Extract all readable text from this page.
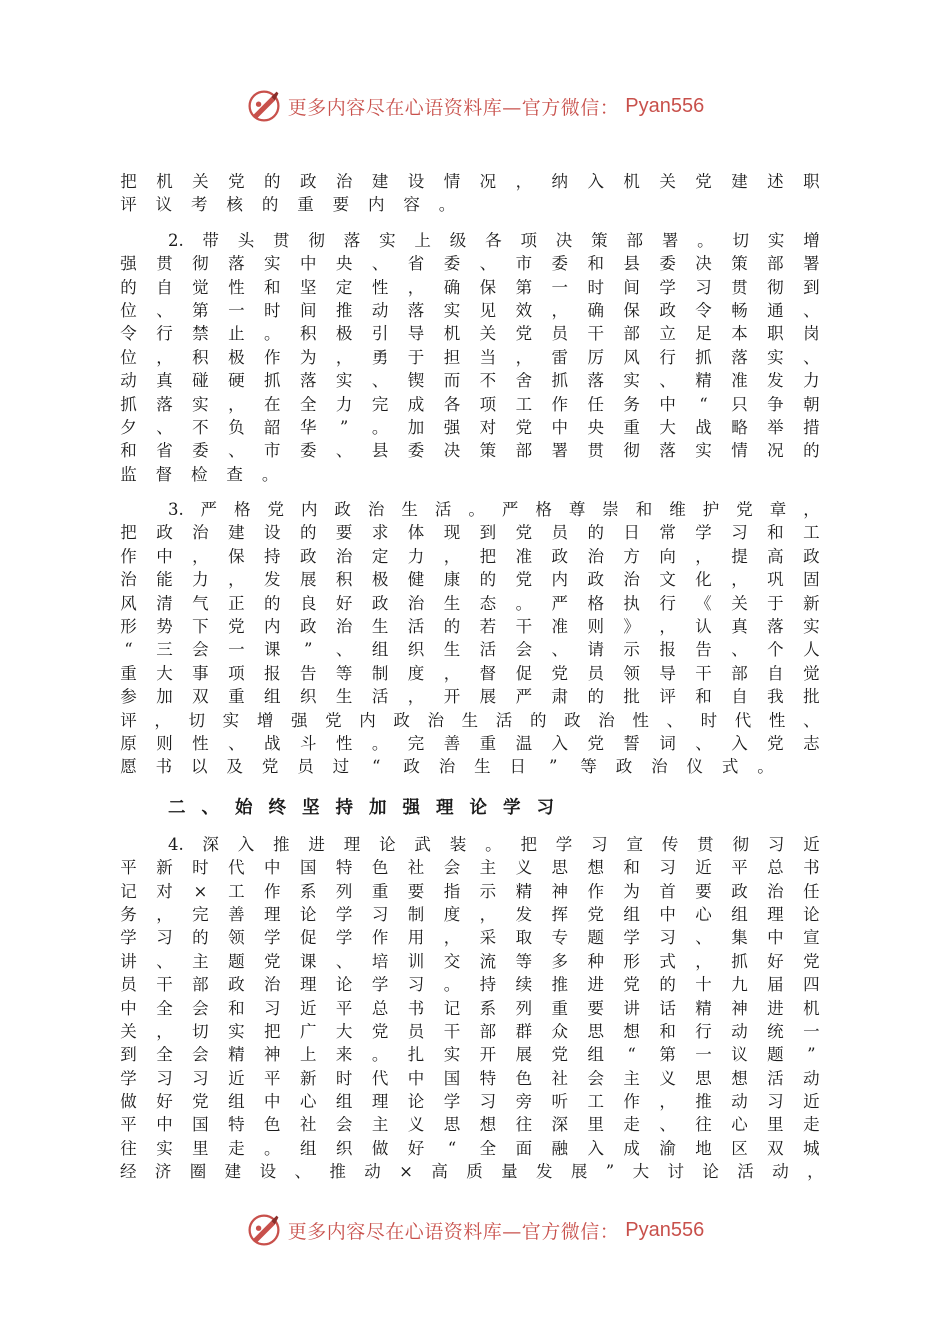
更多内容尽在心语资料库—官方微信： Pyan556
把 机 关 党 的 政 治 建 设 情 况 ， 纳 入 机 关 党 建 述 职
评 议 考 核 的 重 要 内 容 。
2. 带 头 贯 彻 落 实 上 级 各 项 决 策 部 署 。 切 实 增
强 贯 彻 落 实 中 央 、 省 委 、 市 委 和 县 委 决 策 部 署
的 自 觉 性 和 坚 定 性 ， 确 保 第 一 时 间 学 习 贯 彻 到
位 、 第 一 时 间 推 动 落 实 见 效 ， 确 保 政 令 畅 通 、
令 行 禁 止 。 积 极 引 导 机 关 党 员 干 部 立 足 本 职 岗
位 ， 积 极 作 为 ， 勇 于 担 当 ， 雷 厉 风 行 抓 落 实 、
动 真 碰 硬 抓 落 实 、 锲 而 不 舍 抓 落 实 、 精 准 发 力
抓 落 实 ， 在 全 力 完 成 各 项 工 作 任 务 中 “ 只 争 朝
夕 、 不 负 韶 华 ” 。 加 强 对 党 中 央 重 大 战 略 举 措
和 省 委 、 市 委 、 县 委 决 策 部 署 贯 彻 落 实 情 况 的
监 督 检 查 。
3. 严 格 党 内 政 治 生 活 。 严 格 尊 崇 和 维 护 党 章 ，
把 政 治 建 设 的 要 求 体 现 到 党 员 的 日 常 学 习 和 工
作 中 ， 保 持 政 治 定 力 ， 把 准 政 治 方 向 ， 提 高 政
治 能 力 ， 发 展 积 极 健 康 的 党 内 政 治 文 化 ， 巩 固
风 清 气 正 的 良 好 政 治 生 态 。 严 格 执 行 《 关 于 新
形 势 下 党 内 政 治 生 活 的 若 干 准 则 》 ， 认 真 落 实
“ 三 会 一 课 ” 、 组 织 生 活 会 、 请 示 报 告 、 个 人
重 大 事 项 报 告 等 制 度 ， 督 促 党 员 领 导 干 部 自 觉
参 加 双 重 组 织 生 活 ， 开 展 严 肃 的 批 评 和 自 我 批
评 ， 切 实 增 强 党 内 政 治 生 活 的 政 治 性 、 时 代 性 、
原 则 性 、 战 斗 性 。 完 善 重 温 入 党 誓 词 、 入 党 志
愿 书 以 及 党 员 过 “ 政 治 生 日 ” 等 政 治 仪 式 。
二 、 始 终 坚 持 加 强 理 论 学 习
4. 深 入 推 进 理 论 武 装 。 把 学 习 宣 传 贯 彻 习 近
平 新 时 代 中 国 特 色 社 会 主 义 思 想 和 习 近 平 总 书
记 对 × 工 作 系 列 重 要 指 示 精 神 作 为 首 要 政 治 任
务 ， 完 善 理 论 学 习 制 度 ， 发 挥 党 组 中 心 组 理 论
学 习 的 领 学 促 学 作 用 ， 采 取 专 题 学 习 、 集 中 宣
讲 、 主 题 党 课 、 培 训 交 流 等 多 种 形 式 ， 抓 好 党
员 干 部 政 治 理 论 学 习 。 持 续 推 进 党 的 十 九 届 四
中 全 会 和 习 近 平 总 书 记 系 列 重 要 讲 话 精 神 进 机
关 ， 切 实 把 广 大 党 员 干 部 群 众 思 想 和 行 动 统 一
到 全 会 精 神 上 来 。 扎 实 开 展 党 组 “ 第 一 议 题 ”
学 习 习 近 平 新 时 代 中 国 特 色 社 会 主 义 思 想 活 动
做 好 党 组 中 心 组 理 论 学 习 旁 听 工 作 ， 推 动 习 近
平 中 国 特 色 社 会 主 义 思 想 往 深 里 走 、 往 心 里 走
往 实 里 走 。 组 织 做 好 “ 全 面 融 入 成 渝 地 区 双 城
经 济 圈 建 设 、 推 动 × 高 质 量 发 展 ” 大 讨 论 活 动 ，
更多内容尽在心语资料库—官方微信： Pyan556
